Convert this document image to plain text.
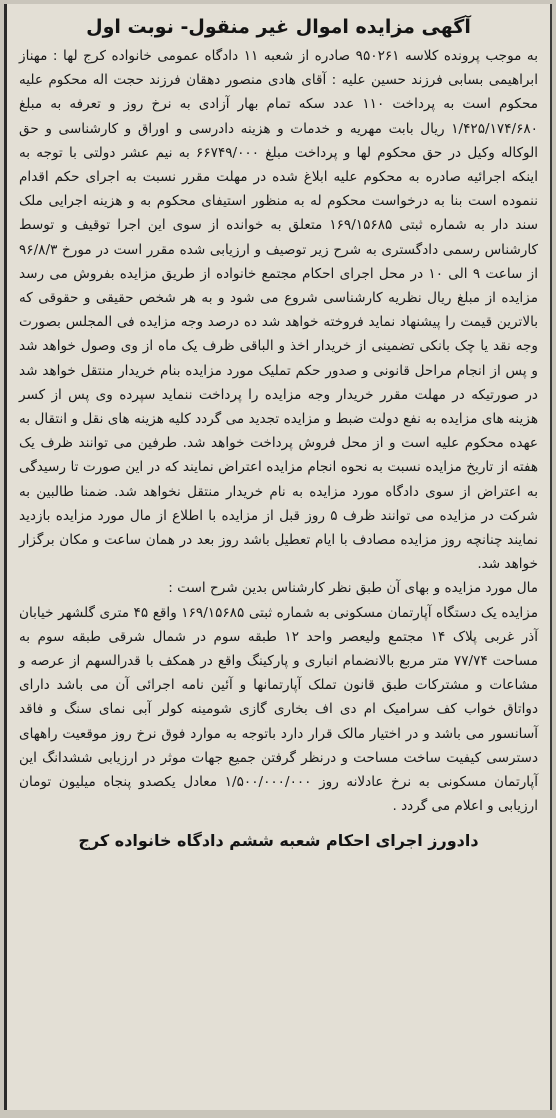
آگهی مزایده اموال غیر منقول- نوبت اول

به موجب پرونده کلاسه ۹۵۰۲۶۱ صادره از شعبه ۱۱ دادگاه عمومی خانواده کرج لها : مهناز ابراهیمی بسابی فرزند حسین علیه : آقای هادی منصور دهقان فرزند حجت اله محکوم علیه محکوم است به پرداخت ۱۱۰ عدد سکه تمام بهار آزادی به نرخ روز و تعرفه به مبلغ ۱/۴۲۵/۱۷۴/۶۸۰ ریال بابت مهریه و خدمات و هزینه دادرسی و اوراق و کارشناسی و حق الوکاله وکیل در حق محکوم لها و پرداخت مبلغ ۶۶۷۴۹/۰۰۰ به نیم عشر دولتی با توجه به اینکه اجرائیه صادره به محکوم علیه ابلاغ شده در مهلت مقرر نسبت به اجرای حکم اقدام ننموده است بنا به درخواست محکوم له به منظور استیفای محکوم به و هزینه اجرایی ملک سند دار به شماره ثبتی ۱۶۹/۱۵۶۸۵ متعلق به خوانده از سوی این اجرا توقیف و توسط کارشناس رسمی دادگستری به شرح زیر توصیف و ارزیابی شده مقرر است در مورخ ۹۶/۸/۳ از ساعت ۹ الی ۱۰ در محل اجرای احکام مجتمع خانواده از طریق مزایده بفروش می رسد مزایده از مبلغ ریال نظریه کارشناسی شروع می شود و به هر شخص حقیقی و حقوقی که بالاترین قیمت را پیشنهاد نماید فروخته خواهد شد ده درصد وجه مزایده فی المجلس بصورت وجه نقد یا چک بانکی تضمینی از خریدار اخذ و الباقی ظرف یک ماه از وی وصول خواهد شد و پس از انجام مراحل قانونی و صدور حکم تملیک مورد مزایده بنام خریدار منتقل خواهد شد در صورتیکه در مهلت مقرر خریدار وجه مزایده را پرداخت ننماید سپرده وی پس از کسر هزینه های مزایده به نفع دولت ضبط و مزایده تجدید می گردد کلیه هزینه های نقل و انتقال به عهده محکوم علیه است و از محل فروش پرداخت خواهد شد. طرفین می توانند ظرف یک هفته از تاریخ مزایده نسبت به نحوه انجام مزایده اعتراض نمایند که در این صورت تا رسیدگی به اعتراض از سوی دادگاه مورد مزایده به نام خریدار منتقل نخواهد شد. ضمنا طالبین به شرکت در مزایده می توانند ظرف ۵ روز قبل از مزایده با اطلاع از مال مورد مزایده بازدید نمایند چنانچه روز مزایده مصادف با ایام تعطیل باشد روز بعد در همان ساعت و مکان برگزار خواهد شد.

مال مورد مزایده و بهای آن طبق نظر کارشناس بدین شرح است :

مزایده یک دستگاه آپارتمان مسکونی به شماره ثبتی ۱۶۹/۱۵۶۸۵ واقع ۴۵ متری گلشهر خیابان آذر غربی پلاک ۱۴ مجتمع ولیعصر واحد ۱۲ طبقه سوم در شمال شرقی طبقه سوم به مساحت ۷۷/۷۴ متر مربع بالانضمام انباری و پارکینگ واقع در همکف با قدرالسهم از عرصه و مشاعات و مشترکات طبق قانون تملک آپارتمانها و آئین نامه اجرائی آن می باشد دارای دواتاق خواب کف سرامیک ام دی اف بخاری گازی شومینه کولر آبی نمای سنگ و فاقد آسانسور می باشد و در اختیار مالک قرار دارد باتوجه به موارد فوق نرخ روز موقعیت راههای دسترسی کیفیت ساخت مساحت و درنظر گرفتن جمیع جهات موثر در ارزیابی ششدانگ این آپارتمان مسکونی به نرخ عادلانه روز ۱/۵۰۰/۰۰۰/۰۰۰ معادل یکصدو پنجاه میلیون تومان ارزیابی و اعلام می گردد .

دادورز اجرای احکام شعبه ششم دادگاه خانواده کرج
